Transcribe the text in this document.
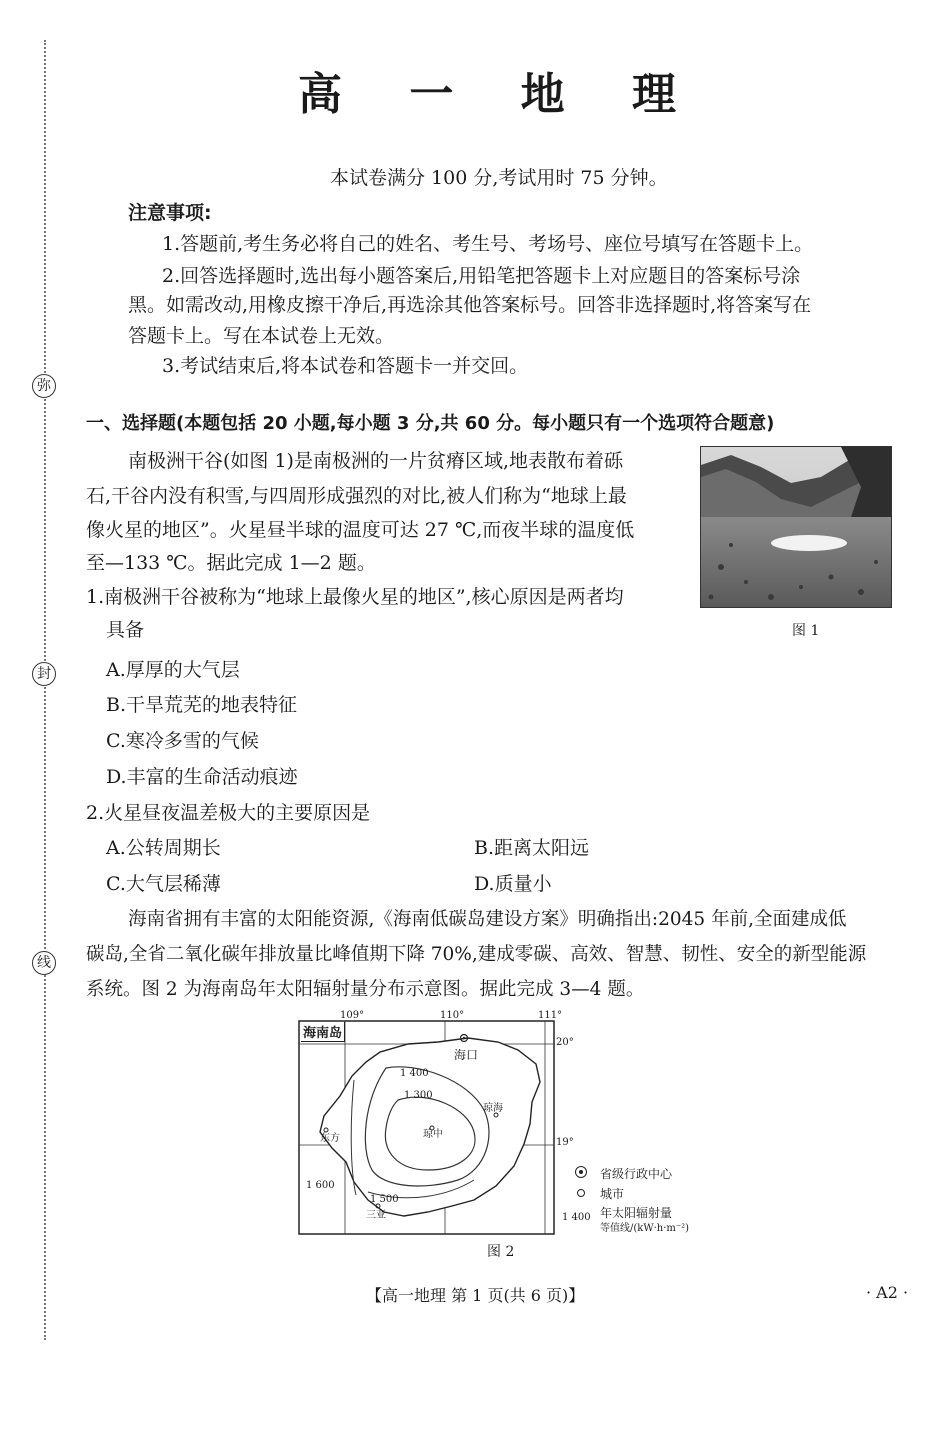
弥
封
线
高 一 地 理
本试卷满分 100 分,考试用时 75 分钟。
注意事项:
1.答题前,考生务必将自己的姓名、考生号、考场号、座位号填写在答题卡上。
2.回答选择题时,选出每小题答案后,用铅笔把答题卡上对应题目的答案标号涂
黑。如需改动,用橡皮擦干净后,再选涂其他答案标号。回答非选择题时,将答案写在
答题卡上。写在本试卷上无效。
3.考试结束后,将本试卷和答题卡一并交回。
一、选择题(本题包括 20 小题,每小题 3 分,共 60 分。每小题只有一个选项符合题意)
南极洲干谷(如图 1)是南极洲的一片贫瘠区域,地表散布着砾
石,干谷内没有积雪,与四周形成强烈的对比,被人们称为“地球上最
像火星的地区”。火星昼半球的温度可达 27 ℃,而夜半球的温度低
至—133 ℃。据此完成 1—2 题。
图 1
1.南极洲干谷被称为“地球上最像火星的地区”,核心原因是两者均
具备
A.厚厚的大气层
B.干旱荒芜的地表特征
C.寒冷多雪的气候
D.丰富的生命活动痕迹
2.火星昼夜温差极大的主要原因是
A.公转周期长	B.距离太阳远
C.大气层稀薄	D.质量小
海南省拥有丰富的太阳能资源,《海南低碳岛建设方案》明确指出:2045 年前,全面建成低
碳岛,全省二氧化碳年排放量比峰值期下降 70%,建成零碳、高效、智慧、韧性、安全的新型能源
系统。图 2 为海南岛年太阳辐射量分布示意图。据此完成 3—4 题。
109°	110°	111°
海南岛
海口
琼海
琼中
东方
三亚
1 400
1 300
1 600
1 500
20°
19°
省级行政中心
城市
1 400 年太阳辐射量
等值线/(kW·h·m⁻²)
图 2
【高一地理 第 1 页(共 6 页)】	· A2 ·
